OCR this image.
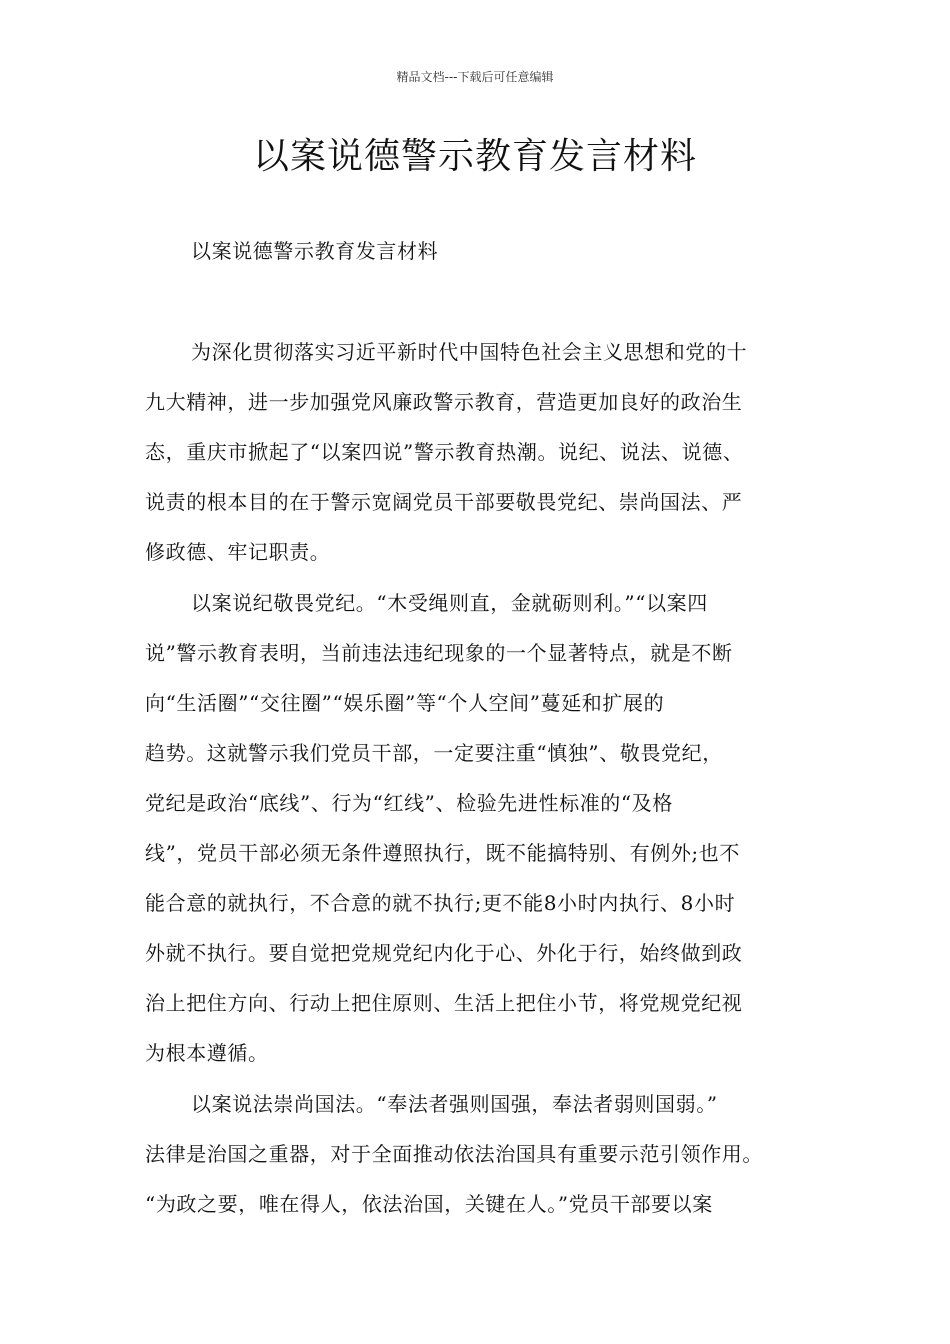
精品文档---下载后可任意编辑
以案说德警示教育发言材料
以案说德警示教育发言材料
为深化贯彻落实习近平新时代中国特色社会主义思想和党的十
九大精神，进一步加强党风廉政警示教育，营造更加良好的政治生
态，重庆市掀起了“以案四说”警示教育热潮。说纪、说法、说德、
说责的根本目的在于警示宽阔党员干部要敬畏党纪、崇尚国法、严
修政德、牢记职责。
以案说纪敬畏党纪。“木受绳则直，金就砺则利。”“以案四
说”警示教育表明，当前违法违纪现象的一个显著特点，就是不断
向“生活圈”“交往圈”“娱乐圈”等“个人空间”蔓延和扩展的
趋势。这就警示我们党员干部，一定要注重“慎独”、敬畏党纪，
党纪是政治“底线”、行为“红线”、检验先进性标准的“及格
线”，党员干部必须无条件遵照执行，既不能搞特别、有例外;也不
能合意的就执行，不合意的就不执行;更不能8小时内执行、8小时
外就不执行。要自觉把党规党纪内化于心、外化于行，始终做到政
治上把住方向、行动上把住原则、生活上把住小节，将党规党纪视
为根本遵循。
以案说法崇尚国法。“奉法者强则国强，奉法者弱则国弱。”
法律是治国之重器，对于全面推动依法治国具有重要示范引领作用。
“为政之要，唯在得人，依法治国，关键在人。”党员干部要以案
